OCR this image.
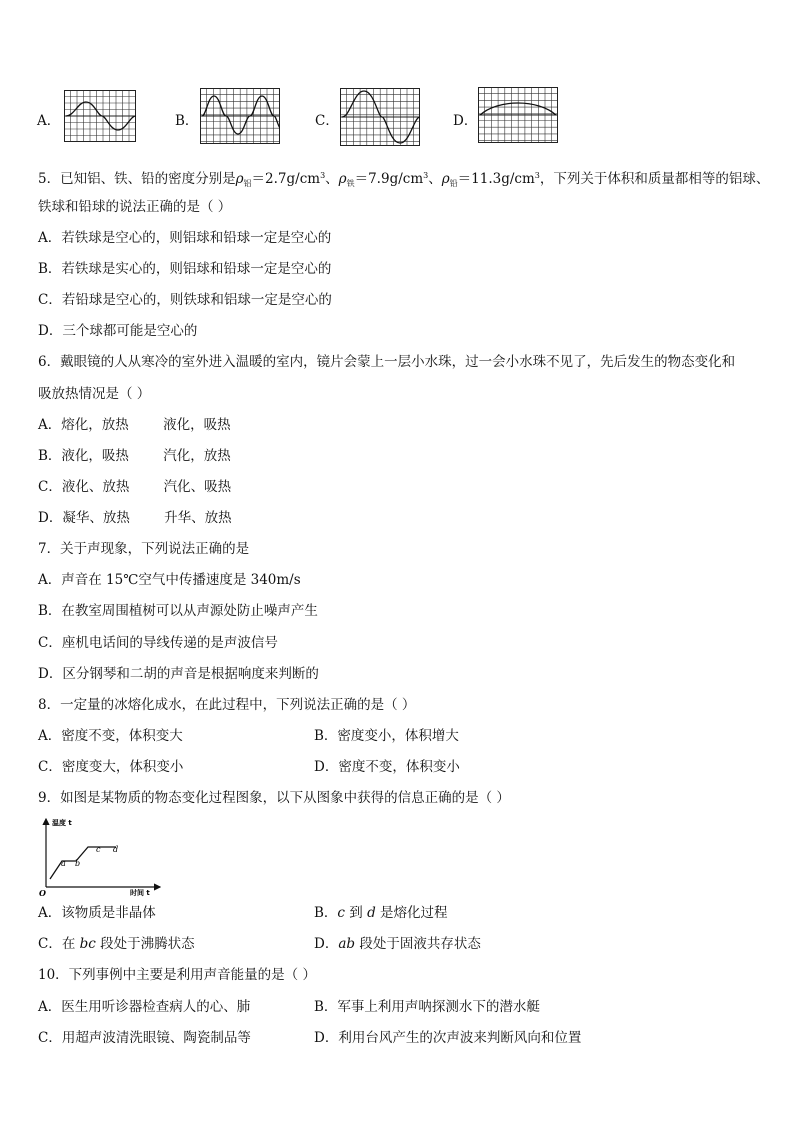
A．	B．	C．	D．
5．已知铝、铁、铅的密度分别是$\rho_铝=2.7g/cm^3$、$\rho_铁=7.9g/cm^3$、$\rho_铅=11.3g/cm^3$，下列关于体积和质量都相等的铝球、
铁球和铅球的说法正确的是（ ）
A．若铁球是空心的，则铝球和铅球一定是空心的
B．若铁球是实心的，则铝球和铅球一定是空心的
C．若铅球是空心的，则铁球和铝球一定是空心的
D．三个球都可能是空心的
6．戴眼镜的人从寒冷的室外进入温暖的室内，镜片会蒙上一层小水珠，过一会小水珠不见了，先后发生的物态变化和
吸放热情况是（ ）
A．熔化，放热        液化，吸热
B．液化，吸热        汽化，放热
C．液化、放热        汽化、吸热
D．凝华、放热        升华、放热
7．关于声现象，下列说法正确的是
A．声音在 15℃空气中传播速度是 340m/s
B．在教室周围植树可以从声源处防止噪声产生
C．座机电话间的导线传递的是声波信号
D．区分钢琴和二胡的声音是根据响度来判断的
8．一定量的冰熔化成水，在此过程中，下列说法正确的是（ ）
A．密度不变，体积变大	B．密度变小，体积增大
C．密度变大，体积变小	D．密度不变，体积变小
9．如图是某物质的物态变化过程图象，以下从图象中获得的信息正确的是（ ）
温度 t
时间 t
O
a b
c d
A．该物质是非晶体	B．c 到 d 是熔化过程
C．在 bc 段处于沸腾状态	D．ab 段处于固液共存状态
10．下列事例中主要是利用声音能量的是（ ）
A．医生用听诊器检查病人的心、肺	B．军事上利用声呐探测水下的潜水艇
C．用超声波清洗眼镜、陶瓷制品等	D．利用台风产生的次声波来判断风向和位置
